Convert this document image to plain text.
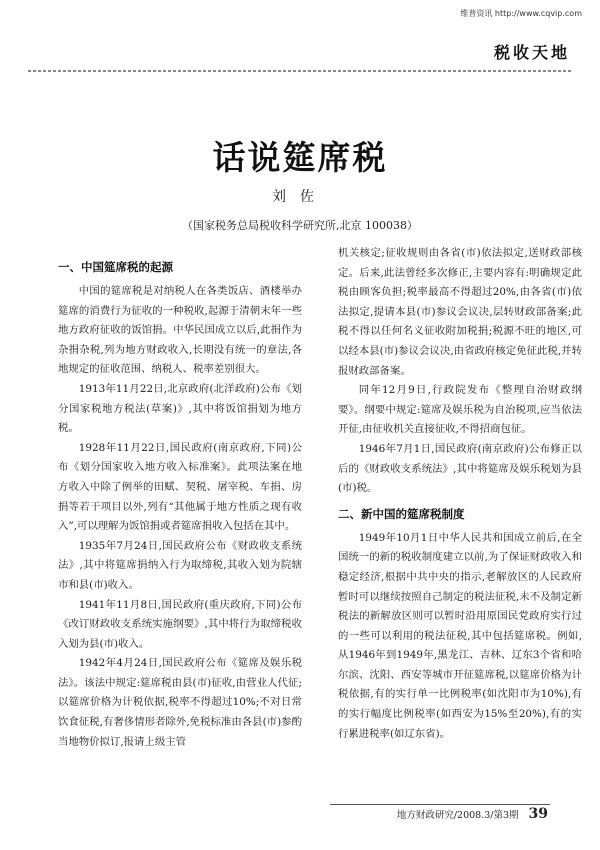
维普资讯 http://www.cqvip.com
税收天地
话说筵席税
刘佐
（国家税务总局税收科学研究所,北京 100038）
一、中国筵席税的起源

中国的筵席税是对纳税人在各类饭店、酒楼举办筵席的消费行为征收的一种税收,起源于清朝末年一些地方政府征收的饭馆捐。中华民国成立以后,此捐作为杂捐杂税,列为地方财政收入,长期没有统一的章法,各地规定的征收范围、纳税人、税率差别很大。

1913年11月22日,北京政府(北洋政府)公布《划分国家税地方税法(草案)》,其中将饭馆捐划为地方税。

1928年11月22日,国民政府(南京政府,下同)公布《划分国家收入地方收入标准案》。此项法案在地方收入中除了例举的田赋、契税、屠宰税、车捐、房捐等若干项目以外,列有“其他属于地方性质之现有收入”,可以理解为饭馆捐或者筵席捐收入包括在其中。

1935年7月24日,国民政府公布《财政收支系统法》,其中将筵席捐纳入行为取缔税,其收入划为院辖市和县(市)收入。

1941年11月8日,国民政府(重庆政府,下同)公布《改订财政收支系统实施纲要》,其中将行为取缔税收入划为县(市)收入。

1942年4月24日,国民政府公布《筵席及娱乐税法》。该法中规定:筵席税由县(市)征收,由营业人代征;以筵席价格为计税依据,税率不得超过10%;不对日常饮食征税,有奢侈情形者除外,免税标准由各县(市)参酌当地物价拟订,报请上级主管

机关核定;征收规则由各省(市)依法拟定,送财政部核定。后来,此法曾经多次修正,主要内容有:明确规定此税由顾客负担;税率最高不得超过20%,由各省(市)依法拟定,提请本县(市)参议会议决,层转财政部备案;此税不得以任何名义征收附加税捐;税源不旺的地区,可以经本县(市)参议会议决,由省政府核定免征此税,并转报财政部备案。

同年12月9日,行政院发布《整理自治财政纲要》。纲要中规定:筵席及娱乐税为自治税项,应当依法开征,由征收机关直接征收,不得招商包征。

1946年7月1日,国民政府(南京政府)公布修正以后的《财政收支系统法》,其中将筵席及娱乐税划为县(市)税。

二、新中国的筵席税制度

1949年10月1日中华人民共和国成立前后,在全国统一的新的税收制度建立以前,为了保证财政收入和稳定经济,根据中共中央的指示,老解放区的人民政府暂时可以继续按照自己制定的税法征税,未不及制定新税法的新解放区则可以暂时沿用原国民党政府实行过的一些可以利用的税法征税,其中包括筵席税。例如,从1946年到1949年,黑龙江、吉林、辽东3个省和哈尔滨、沈阳、西安等城市开征筵席税,以筵席价格为计税依据,有的实行单一比例税率(如沈阳市为10%),有的实行幅度比例税率(如西安为15%至20%),有的实行累进税率(如辽东省)。

地方财政研究/2008.3/第3期 39
